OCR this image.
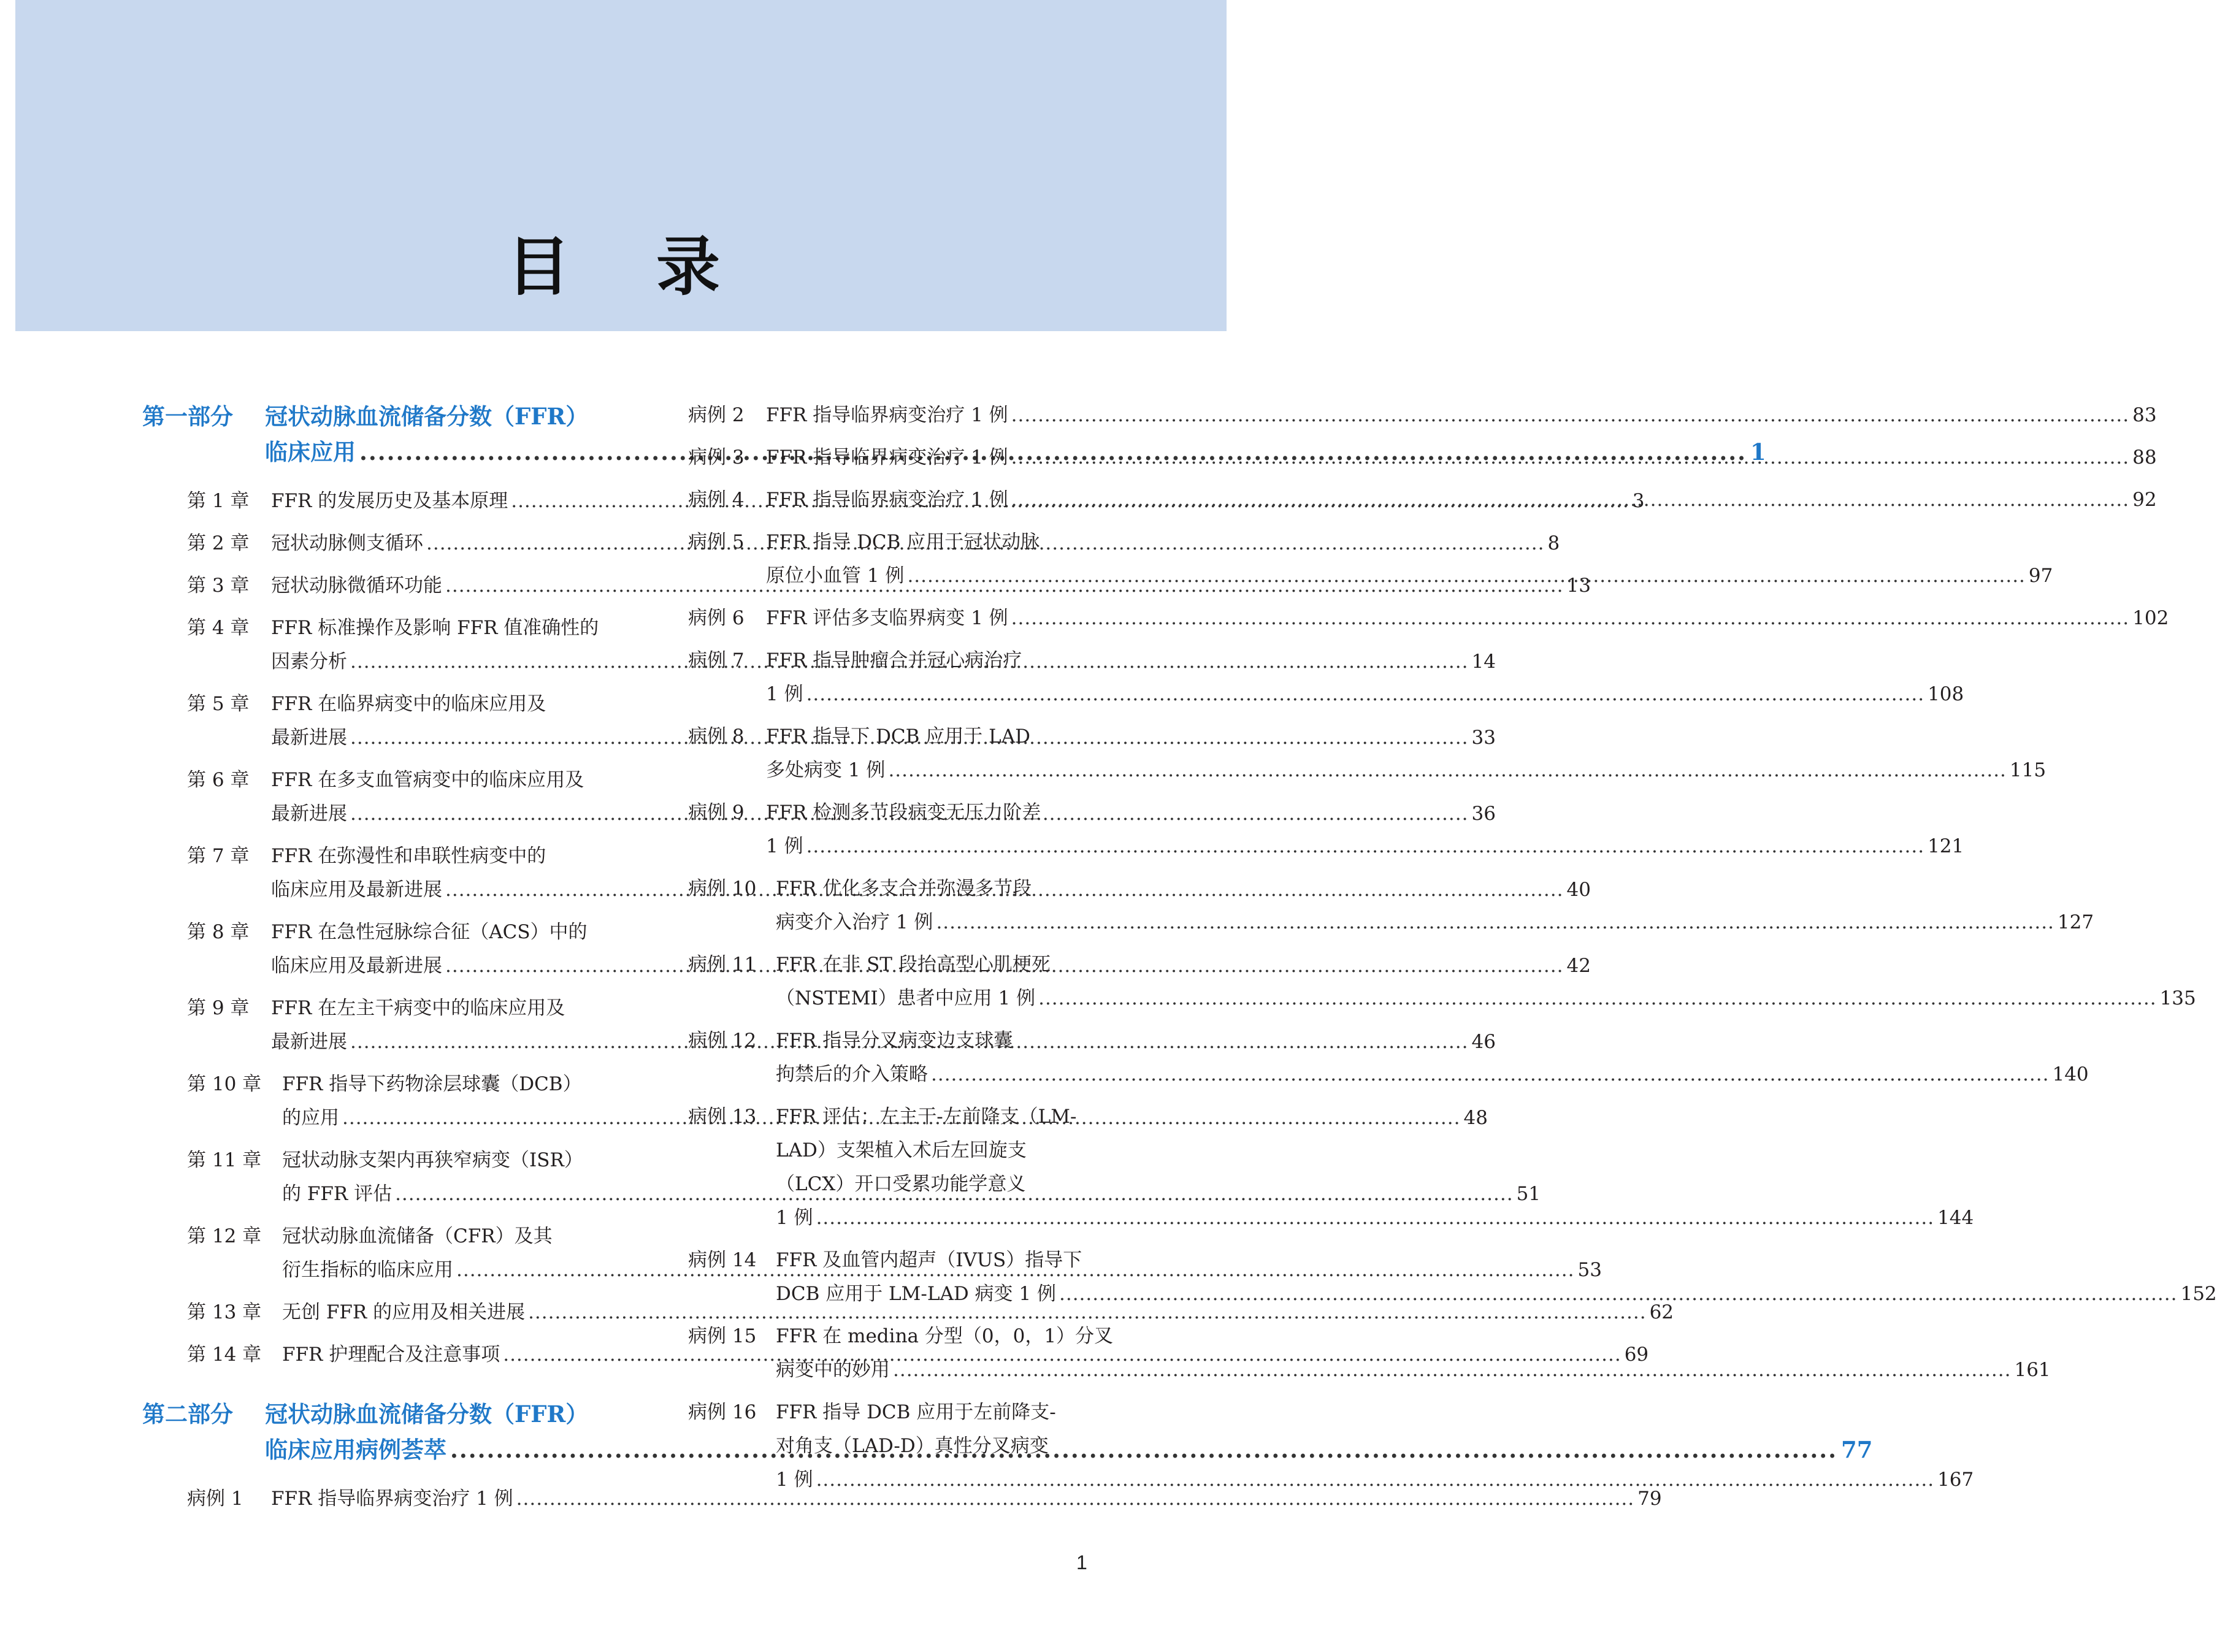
目录
第一部分	冠状动脉血流储备分数（FFR）
临床应用 .....	1
第 1 章	FFR 的发展历史及基本原理 .....	3
第 2 章	冠状动脉侧支循环 .....	8
第 3 章	冠状动脉微循环功能 .....	13
第 4 章	FFR 标准操作及影响 FFR 值准确性的
因素分析 .....	14
第 5 章	FFR 在临界病变中的临床应用及
最新进展 .....	33
第 6 章	FFR 在多支血管病变中的临床应用及
最新进展 .....	36
第 7 章	FFR 在弥漫性和串联性病变中的
临床应用及最新进展 .....	40
第 8 章	FFR 在急性冠脉综合征（ACS）中的
临床应用及最新进展 .....	42
第 9 章	FFR 在左主干病变中的临床应用及
最新进展 .....	46
第 10 章	FFR 指导下药物涂层球囊（DCB）
的应用 .....	48
第 11 章	冠状动脉支架内再狭窄病变（ISR）
的 FFR 评估 .....	51
第 12 章	冠状动脉血流储备（CFR）及其
衍生指标的临床应用 .....	53
第 13 章	无创 FFR 的应用及相关进展 .....	62
第 14 章	FFR 护理配合及注意事项 .....	69
第二部分	冠状动脉血流储备分数（FFR）
临床应用病例荟萃 .....	77
病例 1	FFR 指导临界病变治疗 1 例 .....	79
病例 2	FFR 指导临界病变治疗 1 例 .....	83
病例 3	FFR 指导临界病变治疗 1 例 .....	88
病例 4	FFR 指导临界病变治疗 1 例 .....	92
病例 5	FFR 指导 DCB 应用于冠状动脉
原位小血管 1 例 .....	97
病例 6	FFR 评估多支临界病变 1 例 .....	102
病例 7	FFR 指导肿瘤合并冠心病治疗
1 例 .....	108
病例 8	FFR 指导下 DCB 应用于 LAD
多处病变 1 例 .....	115
病例 9	FFR 检测多节段病变无压力阶差
1 例 .....	121
病例 10	FFR 优化多支合并弥漫多节段
病变介入治疗 1 例 .....	127
病例 11	FFR 在非 ST 段抬高型心肌梗死
（NSTEMI）患者中应用 1 例 .....	135
病例 12	FFR 指导分叉病变边支球囊
拘禁后的介入策略 .....	140
病例 13	FFR 评估：左主干-左前降支（LM-
LAD）支架植入术后左回旋支
（LCX）开口受累功能学意义
1 例 .....	144
病例 14	FFR 及血管内超声（IVUS）指导下
DCB 应用于 LM-LAD 病变 1 例 .....	152
病例 15	FFR 在 medina 分型（0，0，1）分叉
病变中的妙用 .....	161
病例 16	FFR 指导 DCB 应用于左前降支-
对角支（LAD-D）真性分叉病变
1 例 .....	167
1
